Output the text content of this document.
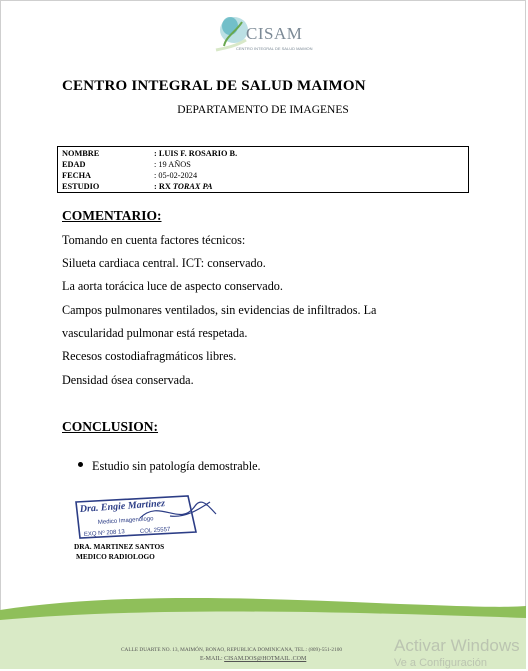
CISAM
CENTRO INTEGRAL DE SALUD MAIMON
CENTRO INTEGRAL DE SALUD MAIMON
DEPARTAMENTO DE IMAGENES
NOMBRE	: LUIS F. ROSARIO B.
EDAD	: 19 AÑOS
FECHA	: 05-02-2024
ESTUDIO	: RX TORAX PA
COMENTARIO:
Tomando en cuenta factores técnicos:
Silueta cardiaca central. ICT: conservado.
La aorta torácica luce de aspecto conservado.
Campos pulmonares ventilados, sin evidencias de infiltrados. La
vascularidad pulmonar está respetada.
Recesos costodiafragmáticos libres.
Densidad ósea conservada.
CONCLUSION:
Estudio sin patología demostrable.
Dra. Engie Martinez
Medico Imagenologo
EXQ Nº 208 13 COL 25557
DRA. MARTINEZ SANTOS
MEDICO RADIOLOGO
CALLE DUARTE NO. 13, MAIMÓN, BONAO, REPUBLICA DOMINICANA, TEL.: (809)-551-2100
E-MAIL: CISAM.DOS@HOTMAIL .COM
Activar Windows
Ve a Configuración
